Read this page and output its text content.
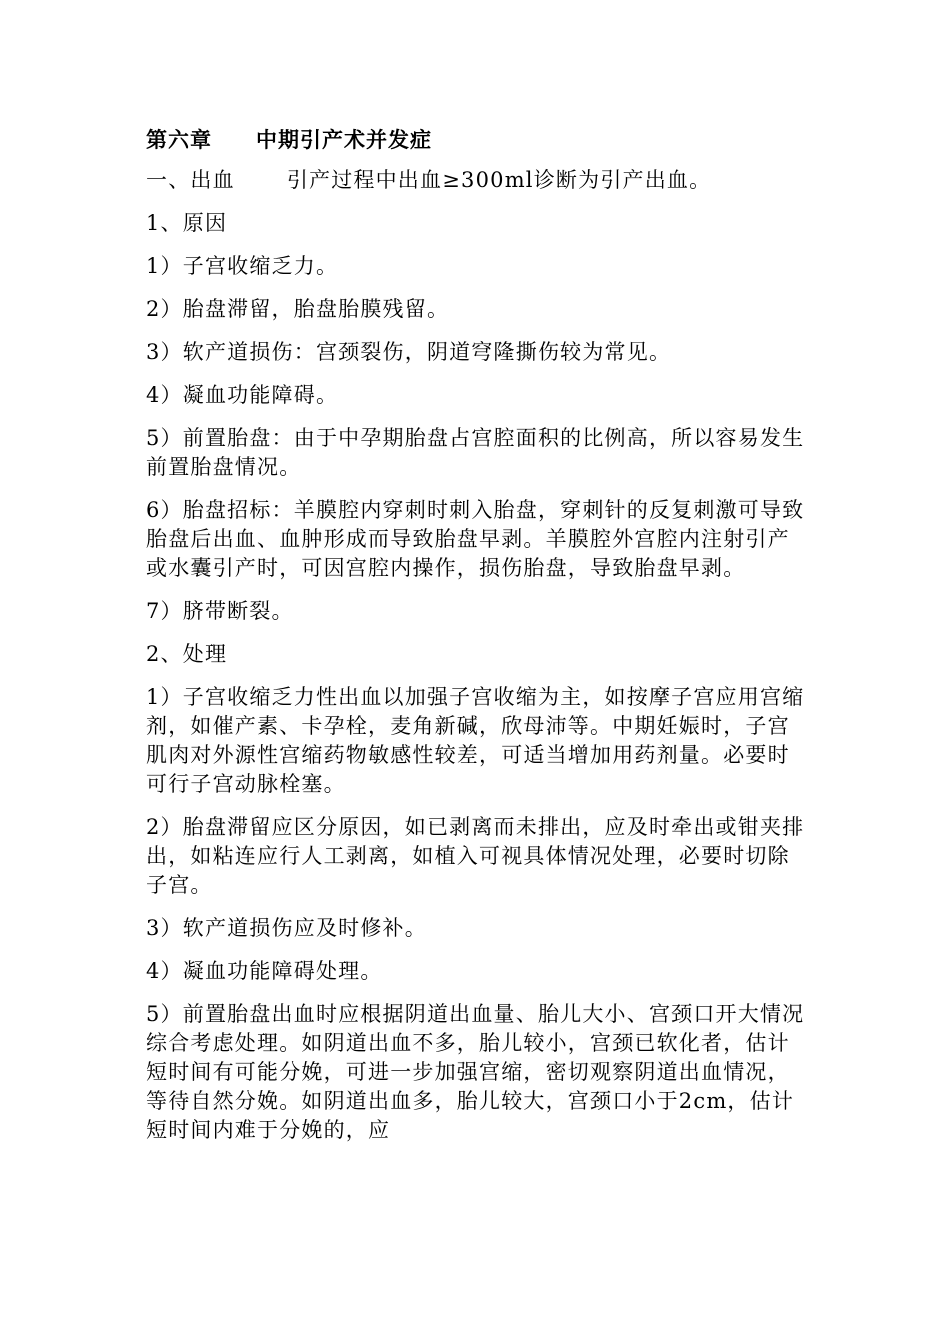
第六章 中期引产术并发症

一、出血 引产过程中出血≥300ml诊断为引产出血。

1、原因

1）子宫收缩乏力。

2）胎盘滞留，胎盘胎膜残留。

3）软产道损伤：宫颈裂伤，阴道穹隆撕伤较为常见。

4）凝血功能障碍。

5）前置胎盘：由于中孕期胎盘占宫腔面积的比例高，所以容易发生前置胎盘情况。

6）胎盘招标：羊膜腔内穿刺时刺入胎盘，穿刺针的反复刺激可导致胎盘后出血、血肿形成而导致胎盘早剥。羊膜腔外宫腔内注射引产或水囊引产时，可因宫腔内操作，损伤胎盘，导致胎盘早剥。

7）脐带断裂。

2、处理

1）子宫收缩乏力性出血以加强子宫收缩为主，如按摩子宫应用宫缩剂，如催产素、卡孕栓，麦角新碱，欣母沛等。中期妊娠时，子宫肌肉对外源性宫缩药物敏感性较差，可适当增加用药剂量。必要时可行子宫动脉栓塞。

2）胎盘滞留应区分原因，如已剥离而未排出，应及时牵出或钳夹排出，如粘连应行人工剥离，如植入可视具体情况处理，必要时切除子宫。

3）软产道损伤应及时修补。

4）凝血功能障碍处理。

5）前置胎盘出血时应根据阴道出血量、胎儿大小、宫颈口开大情况综合考虑处理。如阴道出血不多，胎儿较小，宫颈已软化者，估计短时间有可能分娩，可进一步加强宫缩，密切观察阴道出血情况，等待自然分娩。如阴道出血多，胎儿较大，宫颈口小于2cm，估计短时间内难于分娩的，应
